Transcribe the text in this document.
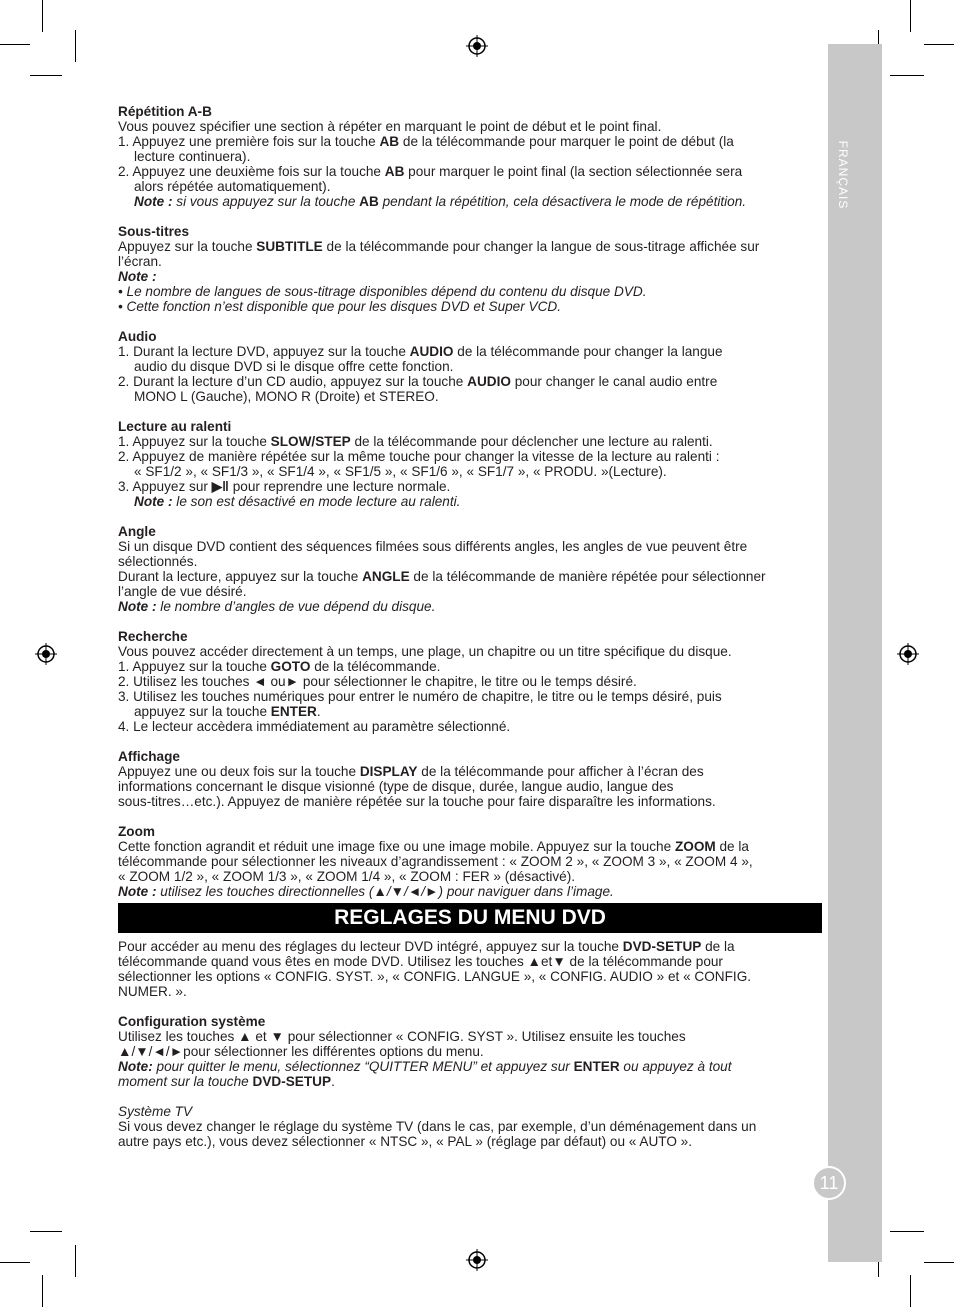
FRANÇAIS
11

Répétition A-B

Vous pouvez spécifier une section à répéter en marquant le point de début et le point final.

1. Appuyez une première fois sur la touche AB de la télécommande pour marquer le point de début (la

lecture continuera).

2. Appuyez une deuxième fois sur la touche AB pour marquer le point final (la section sélectionnée sera

alors répétée automatiquement).

Note : si vous appuyez sur la touche AB pendant la répétition, cela désactivera le mode de répétition.

Sous-titres

Appuyez sur la touche SUBTITLE de la télécommande pour changer la langue de sous-titrage affichée sur

l’écran.

Note :

• Le nombre de langues de sous-titrage disponibles dépend du contenu du disque DVD.

• Cette fonction n’est disponible que pour les disques DVD et Super VCD.

Audio

1. Durant la lecture DVD, appuyez sur la touche AUDIO de la télécommande pour changer la langue

audio du disque DVD si le disque offre cette fonction.

2. Durant la lecture d’un CD audio, appuyez sur la touche AUDIO pour changer le canal audio entre

MONO L (Gauche), MONO R (Droite) et STEREO.

Lecture au ralenti

1. Appuyez sur la touche SLOW/STEP de la télécommande pour déclencher une lecture au ralenti.

2. Appuyez de manière répétée sur la même touche pour changer la vitesse de la lecture au ralenti :

« SF1/2 », « SF1/3 », « SF1/4 », « SF1/5 », « SF1/6 », « SF1/7 », « PRODU. »(Lecture).

3. Appuyez sur ▶ǁ pour reprendre une lecture normale.

Note : le son est désactivé en mode lecture au ralenti.

Angle

Si un disque DVD contient des séquences filmées sous différents angles, les angles de vue peuvent être

sélectionnés.

Durant la lecture, appuyez sur la touche ANGLE de la télécommande de manière répétée pour sélectionner

l’angle de vue désiré.

Note : le nombre d’angles de vue dépend du disque.

Recherche

Vous pouvez accéder directement à un temps, une plage, un chapitre ou un titre spécifique du disque.

1. Appuyez sur la touche GOTO de la télécommande.

2. Utilisez les touches ◄ ou► pour sélectionner le chapitre, le titre ou le temps désiré.

3. Utilisez les touches numériques pour entrer le numéro de chapitre, le titre ou le temps désiré, puis

appuyez sur la touche ENTER.

4. Le lecteur accèdera immédiatement au paramètre sélectionné.

Affichage

Appuyez une ou deux fois sur la touche DISPLAY de la télécommande pour afficher à l’écran des

informations concernant le disque visionné (type de disque, durée, langue audio, langue des

sous-titres…etc.). Appuyez de manière répétée sur la touche pour faire disparaître les informations.

Zoom

Cette fonction agrandit et réduit une image fixe ou une image mobile. Appuyez sur la touche ZOOM de la

télécommande pour sélectionner les niveaux d’agrandissement : « ZOOM 2 », « ZOOM 3 », « ZOOM 4 »,

« ZOOM 1/2 », « ZOOM 1/3 », « ZOOM 1/4 », « ZOOM : FER » (désactivé).

Note : utilisez les touches directionnelles (▲/▼/◄/►) pour naviguer dans l’image.

REGLAGES DU MENU DVD

Pour accéder au menu des réglages du lecteur DVD intégré, appuyez sur la touche DVD-SETUP de la

télécommande quand vous êtes en mode DVD. Utilisez les touches ▲et▼ de la télécommande pour

sélectionner les options « CONFIG. SYST. », « CONFIG. LANGUE », « CONFIG. AUDIO » et « CONFIG.

NUMER. ».

Configuration système

Utilisez les touches ▲ et ▼ pour sélectionner « CONFIG. SYST ». Utilisez ensuite les touches

▲/▼/◄/►pour sélectionner les différentes options du menu.

Note: pour quitter le menu, sélectionnez “QUITTER MENU” et appuyez sur ENTER ou appuyez à tout

moment sur la touche DVD-SETUP.

Système TV

Si vous devez changer le réglage du système TV (dans le cas, par exemple, d’un déménagement dans un

autre pays etc.), vous devez sélectionner « NTSC », « PAL » (réglage par défaut) ou « AUTO ».
